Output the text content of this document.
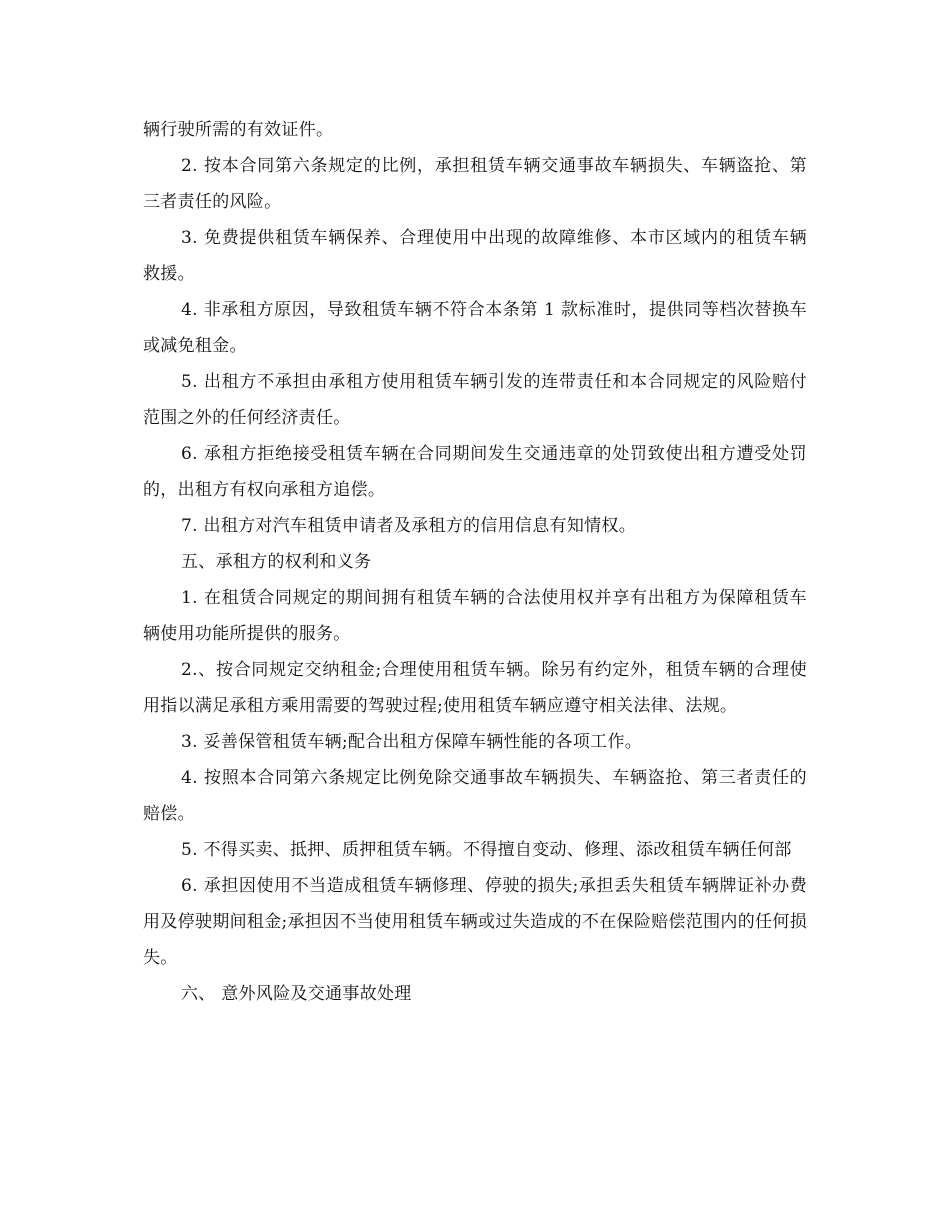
辆行驶所需的有效证件。

2. 按本合同第六条规定的比例，承担租赁车辆交通事故车辆损失、车辆盗抢、第三者责任的风险。

3. 免费提供租赁车辆保养、合理使用中出现的故障维修、本市区域内的租赁车辆救援。

4. 非承租方原因，导致租赁车辆不符合本条第 1 款标准时，提供同等档次替换车或减免租金。

5. 出租方不承担由承租方使用租赁车辆引发的连带责任和本合同规定的风险赔付范围之外的任何经济责任。

6. 承租方拒绝接受租赁车辆在合同期间发生交通违章的处罚致使出租方遭受处罚的，出租方有权向承租方追偿。

7. 出租方对汽车租赁申请者及承租方的信用信息有知情权。

五、承租方的权利和义务

1. 在租赁合同规定的期间拥有租赁车辆的合法使用权并享有出租方为保障租赁车辆使用功能所提供的服务。

2.、按合同规定交纳租金;合理使用租赁车辆。除另有约定外，租赁车辆的合理使用指以满足承租方乘用需要的驾驶过程;使用租赁车辆应遵守相关法律、法规。

3. 妥善保管租赁车辆;配合出租方保障车辆性能的各项工作。

4. 按照本合同第六条规定比例免除交通事故车辆损失、车辆盗抢、第三者责任的赔偿。

5. 不得买卖、抵押、质押租赁车辆。不得擅自变动、修理、添改租赁车辆任何部

6. 承担因使用不当造成租赁车辆修理、停驶的损失;承担丢失租赁车辆牌证补办费用及停驶期间租金;承担因不当使用租赁车辆或过失造成的不在保险赔偿范围内的任何损失。

六、 意外风险及交通事故处理
